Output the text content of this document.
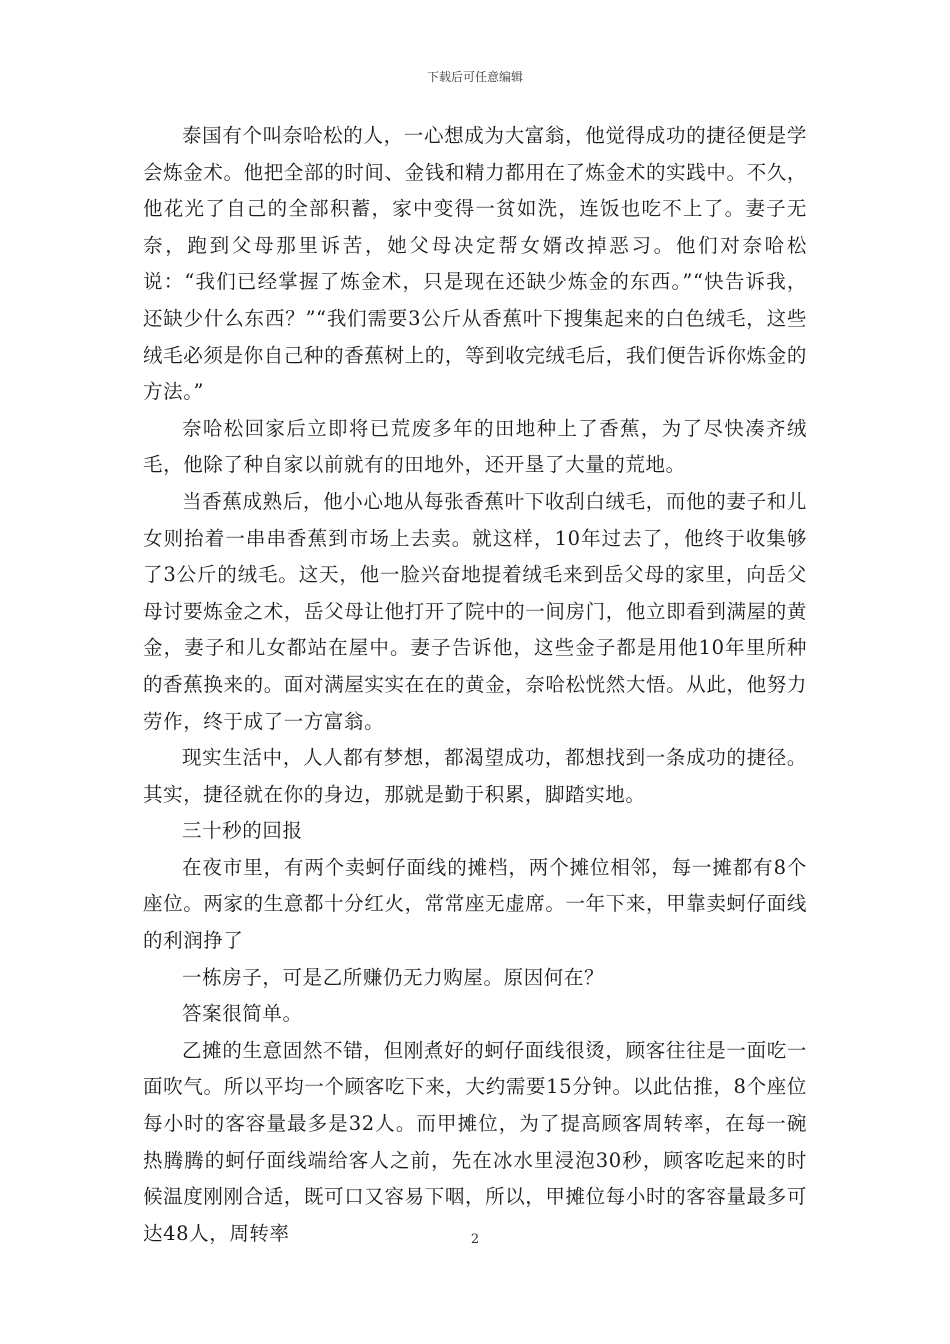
下载后可任意编辑

泰国有个叫奈哈松的人，一心想成为大富翁，他觉得成功的捷径便是学会炼金术。他把全部的时间、金钱和精力都用在了炼金术的实践中。不久，他花光了自己的全部积蓄，家中变得一贫如洗，连饭也吃不上了。妻子无奈，跑到父母那里诉苦，她父母决定帮女婿改掉恶习。他们对奈哈松说：“我们已经掌握了炼金术，只是现在还缺少炼金的东西。”“快告诉我，还缺少什么东西？”“我们需要3公斤从香蕉叶下搜集起来的白色绒毛，这些绒毛必须是你自己种的香蕉树上的，等到收完绒毛后，我们便告诉你炼金的方法。”

奈哈松回家后立即将已荒废多年的田地种上了香蕉，为了尽快凑齐绒毛，他除了种自家以前就有的田地外，还开垦了大量的荒地。

当香蕉成熟后，他小心地从每张香蕉叶下收刮白绒毛，而他的妻子和儿女则抬着一串串香蕉到市场上去卖。就这样，10年过去了，他终于收集够了3公斤的绒毛。这天，他一脸兴奋地提着绒毛来到岳父母的家里，向岳父母讨要炼金之术，岳父母让他打开了院中的一间房门，他立即看到满屋的黄金，妻子和儿女都站在屋中。妻子告诉他，这些金子都是用他10年里所种的香蕉换来的。面对满屋实实在在的黄金，奈哈松恍然大悟。从此，他努力劳作，终于成了一方富翁。

现实生活中，人人都有梦想，都渴望成功，都想找到一条成功的捷径。其实，捷径就在你的身边，那就是勤于积累，脚踏实地。

三十秒的回报

在夜市里，有两个卖蚵仔面线的摊档，两个摊位相邻，每一摊都有8个座位。两家的生意都十分红火，常常座无虚席。一年下来，甲靠卖蚵仔面线的利润挣了

一栋房子，可是乙所赚仍无力购屋。原因何在？

答案很简单。

乙摊的生意固然不错，但刚煮好的蚵仔面线很烫，顾客往往是一面吃一面吹气。所以平均一个顾客吃下来，大约需要15分钟。以此估推，8个座位每小时的客容量最多是32人。而甲摊位，为了提高顾客周转率，在每一碗热腾腾的蚵仔面线端给客人之前，先在冰水里浸泡30秒，顾客吃起来的时候温度刚刚合适，既可口又容易下咽，所以，甲摊位每小时的客容量最多可达48人，周转率	2
